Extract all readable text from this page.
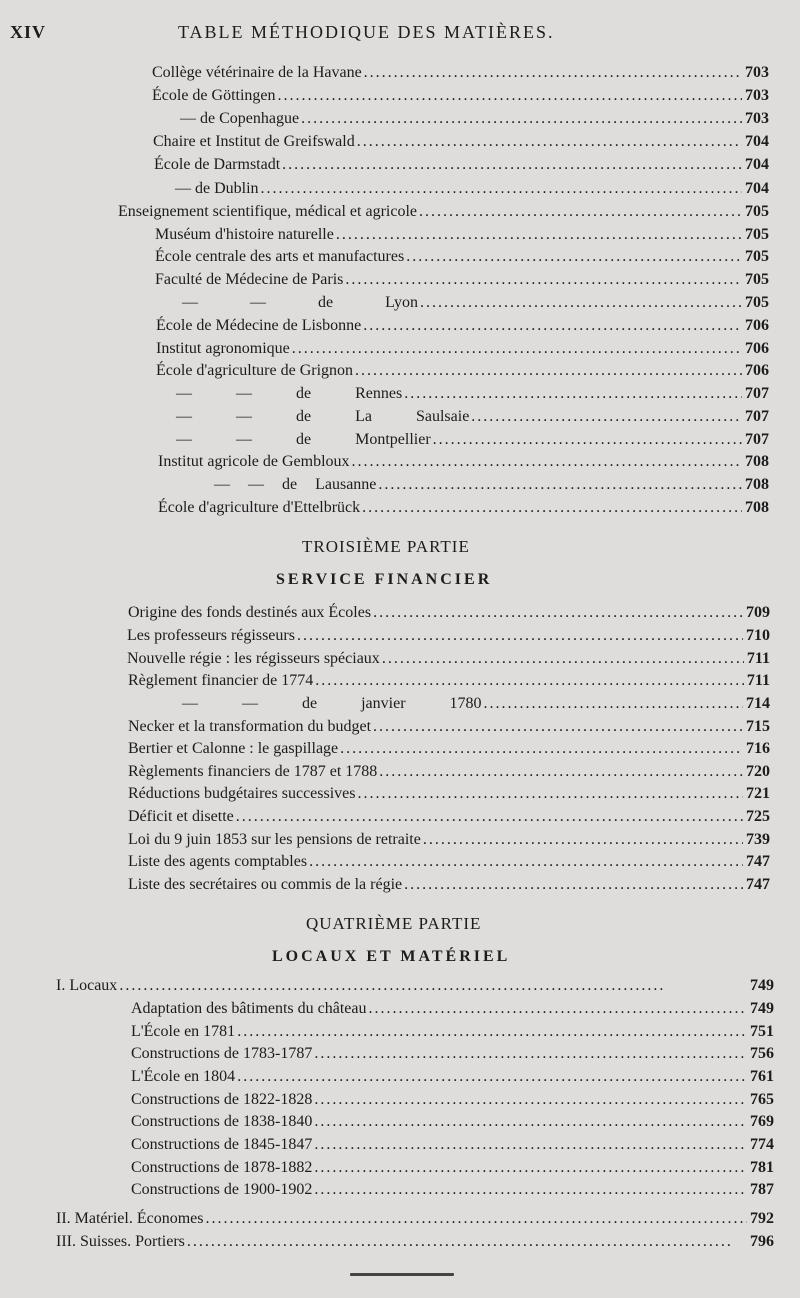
XIV	TABLE MÉTHODIQUE DES MATIÈRES.
Collège vétérinaire de la Havane . . .	703
École de Göttingen . . .	703
— de Copenhague . . .	703
Chaire et Institut de Greifswald . . .	704
École de Darmstadt . . .	704
— de Dublin . . .	704
Enseignement scientifique, médical et agricole . . .	705
Muséum d'histoire naturelle . . .	705
École centrale des arts et manufactures . . .	705
Faculté de Médecine de Paris . . .	705
— — de Lyon . . .	705
École de Médecine de Lisbonne . . .	706
Institut agronomique . . .	706
École d'agriculture de Grignon . . .	706
— — de Rennes . . .	707
— — de La Saulsaie . . .	707
— — de Montpellier . . .	707
Institut agricole de Gembloux . . .	708
— — de Lausanne . . .	708
École d'agriculture d'Ettelbrück . . .	708
TROISIÈME PARTIE
SERVICE FINANCIER
Origine des fonds destinés aux Écoles . . .	709
Les professeurs régisseurs . . .	710
Nouvelle régie : les régisseurs spéciaux . . .	711
Règlement financier de 1774 . . .	711
— — de janvier 1780 . . .	714
Necker et la transformation du budget . . .	715
Bertier et Calonne : le gaspillage . . .	716
Règlements financiers de 1787 et 1788 . . .	720
Réductions budgétaires successives . . .	721
Déficit et disette . . .	725
Loi du 9 juin 1853 sur les pensions de retraite . . .	739
Liste des agents comptables . . .	747
Liste des secrétaires ou commis de la régie . . .	747
QUATRIÈME PARTIE
LOCAUX ET MATÉRIEL
I. Locaux . . .	749
Adaptation des bâtiments du château . . .	749
L'École en 1781 . . .	751
Constructions de 1783-1787 . . .	756
L'École en 1804 . . .	761
Constructions de 1822-1828 . . .	765
Constructions de 1838-1840 . . .	769
Constructions de 1845-1847 . . .	774
Constructions de 1878-1882 . . .	781
Constructions de 1900-1902 . . .	787
II. Matériel. Économes . . .	792
III. Suisses. Portiers . . .	796
